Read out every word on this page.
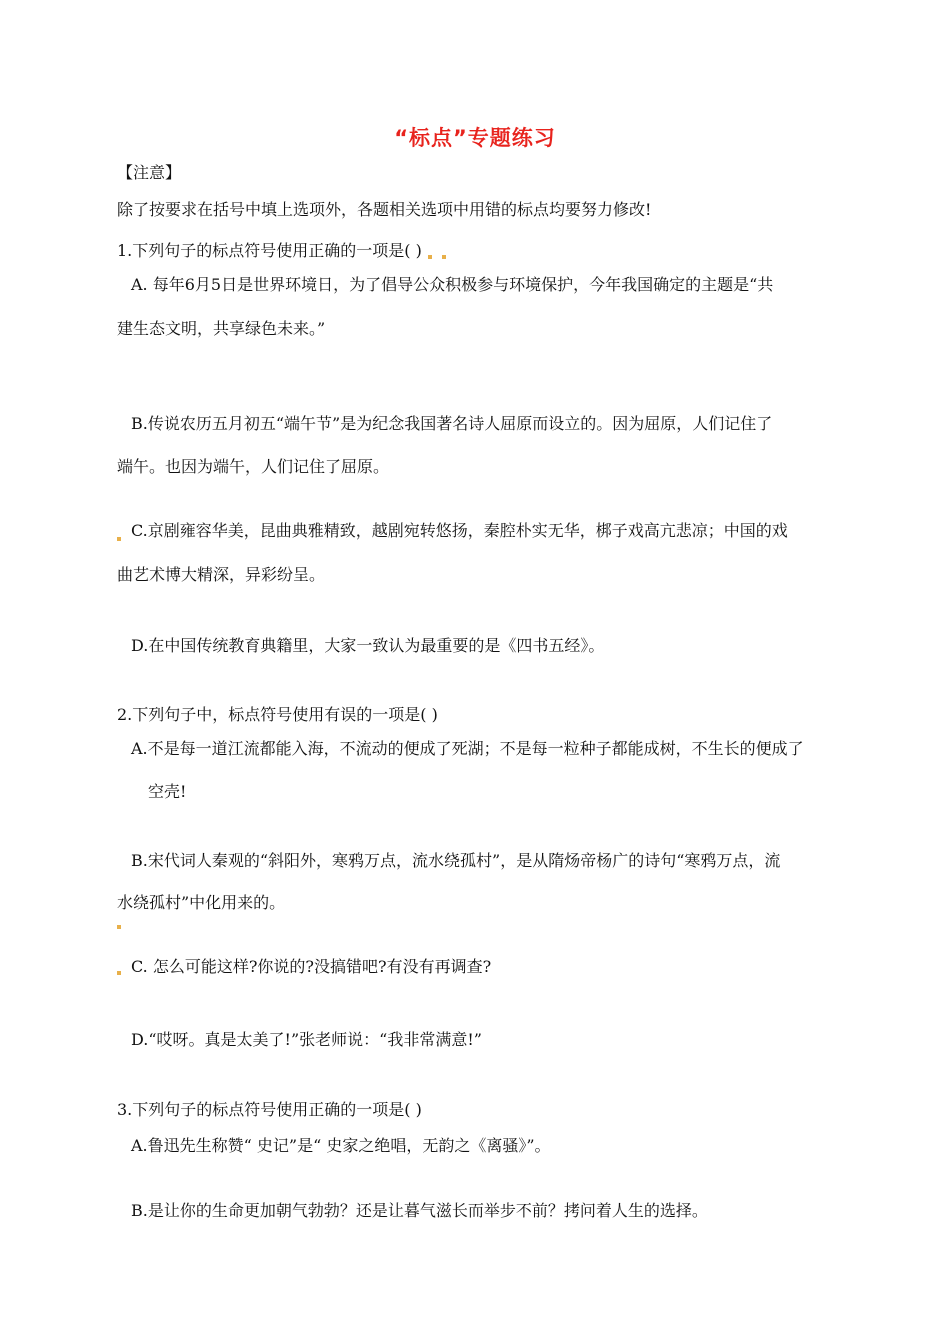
“标点”专题练习
【注意】
除了按要求在括号中填上选项外，各题相关选项中用错的标点均要努力修改!
1.下列句子的标点符号使用正确的一项是( )
A. 每年6月5日是世界环境日，为了倡导公众积极参与环境保护，今年我国确定的主题是“共
建生态文明，共享绿色未来。”
B.传说农历五月初五“端午节”是为纪念我国著名诗人屈原而设立的。因为屈原，人们记住了
端午。也因为端午，人们记住了屈原。
C.京剧雍容华美，昆曲典雅精致，越剧宛转悠扬，秦腔朴实无华，梆子戏高亢悲凉；中国的戏
曲艺术博大精深，异彩纷呈。
D.在中国传统教育典籍里，大家一致认为最重要的是《四书五经》。
2.下列句子中，标点符号使用有误的一项是( )
A.不是每一道江流都能入海，不流动的便成了死湖；不是每一粒种子都能成树，不生长的便成了
空壳!
B.宋代词人秦观的“斜阳外，寒鸦万点，流水绕孤村”，是从隋炀帝杨广的诗句“寒鸦万点，流
水绕孤村”中化用来的。
C. 怎么可能这样?你说的?没搞错吧?有没有再调查?
D.“哎呀。真是太美了!”张老师说：“我非常满意!”
3.下列句子的标点符号使用正确的一项是( )
A.鲁迅先生称赞“ 史记”是“ 史家之绝唱，无韵之《离骚》”。
B.是让你的生命更加朝气勃勃？还是让暮气滋长而举步不前？拷问着人生的选择。
